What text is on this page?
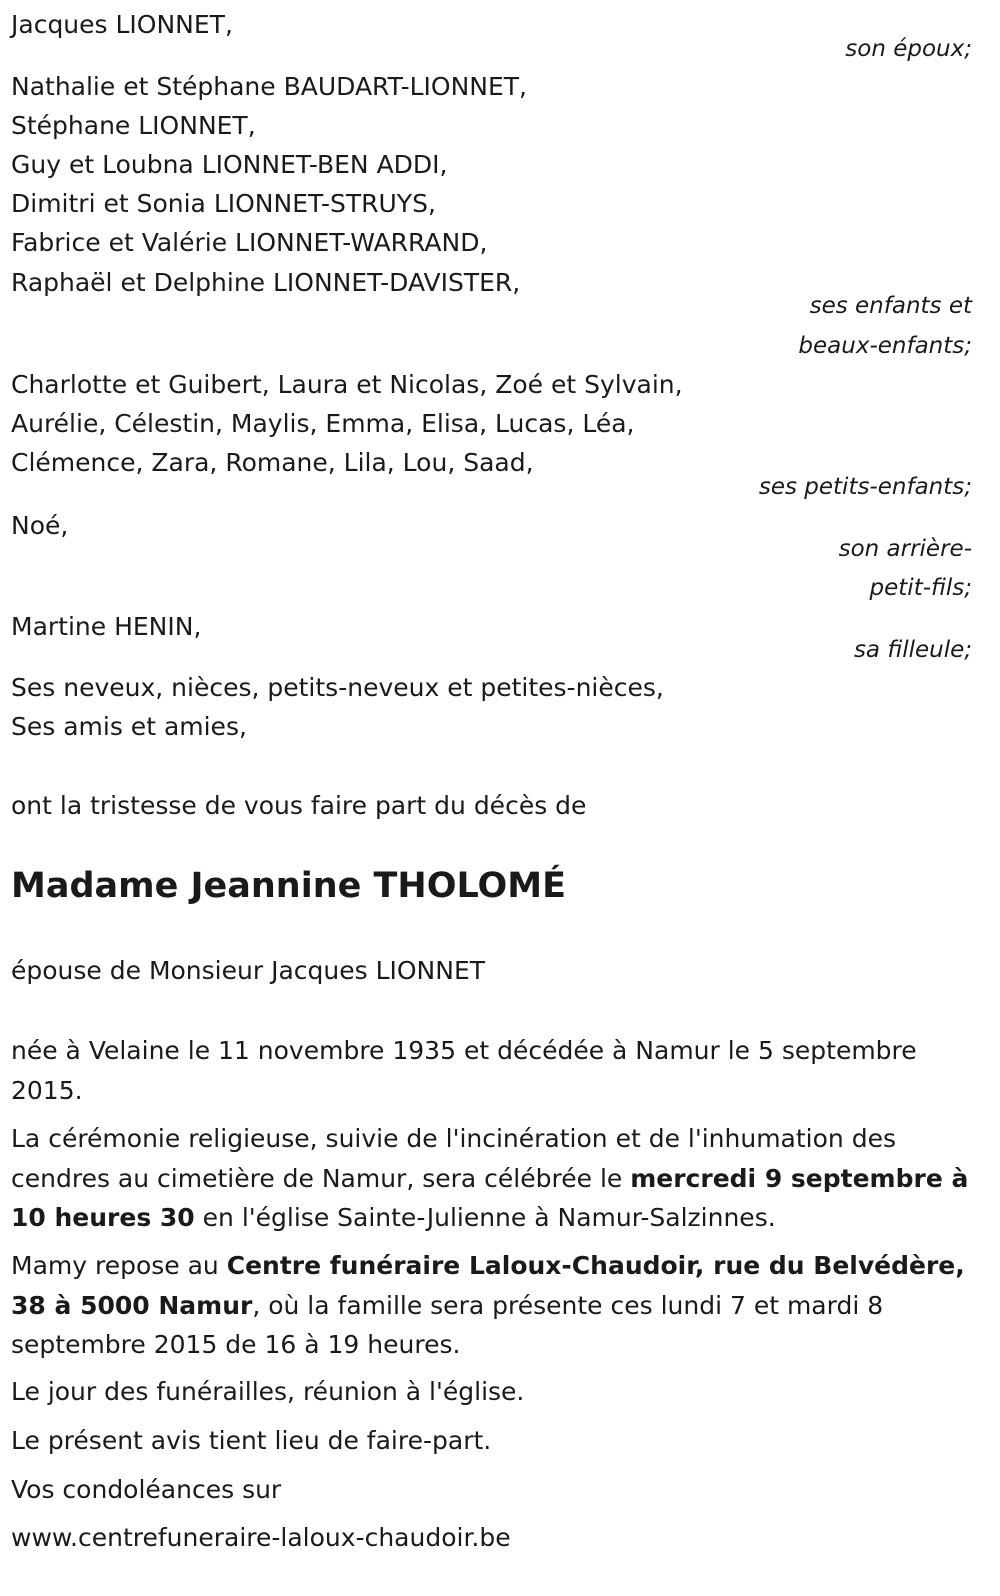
Jacques LIONNET,
son époux;
Nathalie et Stéphane BAUDART-LIONNET,
Stéphane LIONNET,
Guy et Loubna LIONNET-BEN ADDI,
Dimitri et Sonia LIONNET-STRUYS,
Fabrice et Valérie LIONNET-WARRAND,
Raphaël et Delphine LIONNET-DAVISTER,
ses enfants et
beaux-enfants;
Charlotte et Guibert, Laura et Nicolas, Zoé et Sylvain,
Aurélie, Célestin, Maylis, Emma, Elisa, Lucas, Léa,
Clémence, Zara, Romane, Lila, Lou, Saad,
ses petits-enfants;
Noé,
son arrière-
petit-fils;
Martine HENIN,
sa filleule;
Ses neveux, nièces, petits-neveux et petites-nièces,
Ses amis et amies,
ont la tristesse de vous faire part du décès de
Madame Jeannine THOLOMÉ
épouse de Monsieur Jacques LIONNET
née à Velaine le 11 novembre 1935 et décédée à Namur le 5 septembre 2015.
La cérémonie religieuse, suivie de l'incinération et de l'inhumation des cendres au cimetière de Namur, sera célébrée le mercredi 9 septembre à 10 heures 30 en l'église Sainte-Julienne à Namur-Salzinnes.
Mamy repose au Centre funéraire Laloux-Chaudoir, rue du Belvédère, 38 à 5000 Namur, où la famille sera présente ces lundi 7 et mardi 8 septembre 2015 de 16 à 19 heures.
Le jour des funérailles, réunion à l'église.
Le présent avis tient lieu de faire-part.
Vos condoléances sur
www.centrefuneraire-laloux-chaudoir.be
